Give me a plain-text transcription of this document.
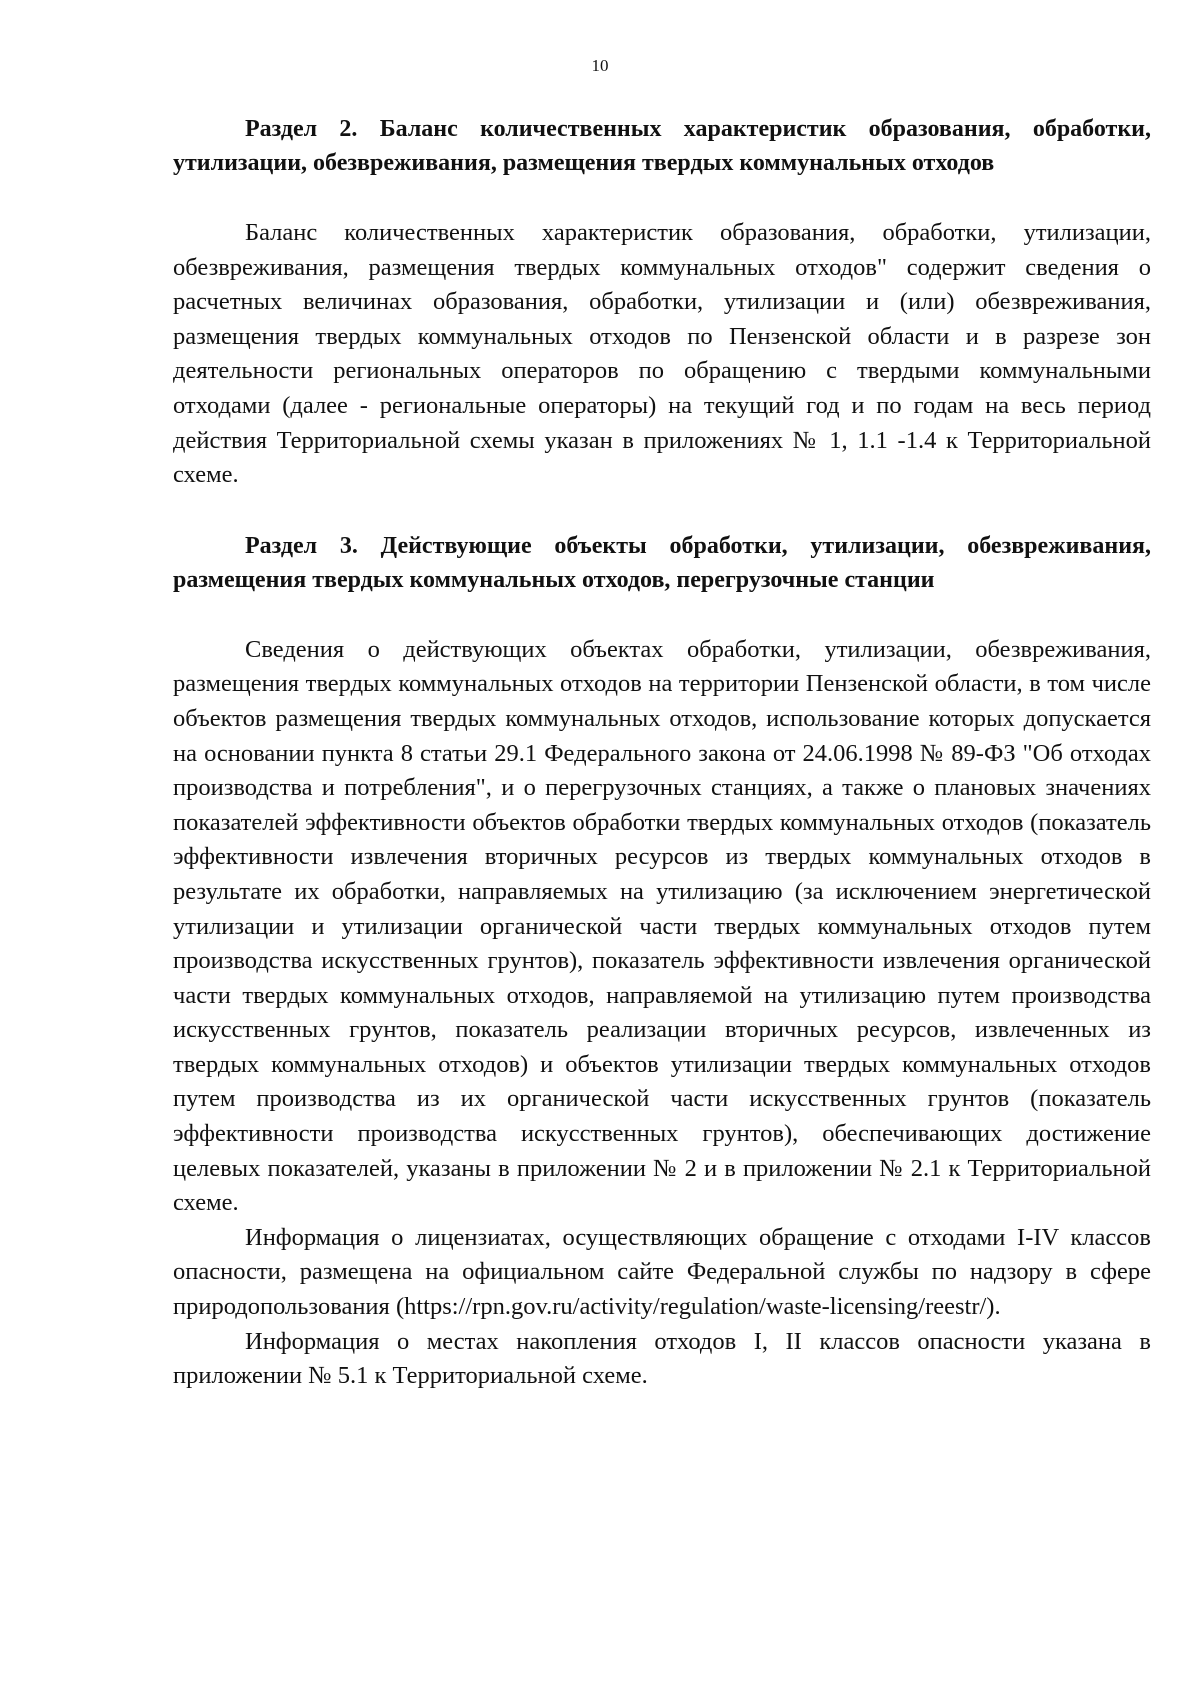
10

Раздел 2. Баланс количественных характеристик образования, обработки, утилизации, обезвреживания, размещения твердых коммунальных отходов

Баланс количественных характеристик образования, обработки, утилизации, обезвреживания, размещения твердых коммунальных отходов" содержит сведения о расчетных величинах образования, обработки, утилизации и (или) обезвреживания, размещения твердых коммунальных отходов по Пензенской области и в разрезе зон деятельности региональных операторов по обращению с твердыми коммунальными отходами (далее - региональные операторы) на текущий год и по годам на весь период действия Территориальной схемы указан в приложениях № 1, 1.1 -1.4 к Территориальной схеме.

Раздел 3. Действующие объекты обработки, утилизации, обезвреживания, размещения твердых коммунальных отходов, перегрузочные станции

Сведения о действующих объектах обработки, утилизации, обезвреживания, размещения твердых коммунальных отходов на территории Пензенской области, в том числе объектов размещения твердых коммунальных отходов, использование которых допускается на основании пункта 8 статьи 29.1 Федерального закона от 24.06.1998 № 89-ФЗ "Об отходах производства и потребления", и о перегрузочных станциях, а также о плановых значениях показателей эффективности объектов обработки твердых коммунальных отходов (показатель эффективности извлечения вторичных ресурсов из твердых коммунальных отходов в результате их обработки, направляемых на утилизацию (за исключением энергетической утилизации и утилизации органической части твердых коммунальных отходов путем производства искусственных грунтов), показатель эффективности извлечения органической части твердых коммунальных отходов, направляемой на утилизацию путем производства искусственных грунтов, показатель реализации вторичных ресурсов, извлеченных из твердых коммунальных отходов) и объектов утилизации твердых коммунальных отходов путем производства из их органической части искусственных грунтов (показатель эффективности производства искусственных грунтов), обеспечивающих достижение целевых показателей, указаны в приложении № 2 и в приложении № 2.1 к Территориальной схеме.

Информация о лицензиатах, осуществляющих обращение с отходами I-IV классов опасности, размещена на официальном сайте Федеральной службы по надзору в сфере природопользования (https://rpn.gov.ru/activity/regulation/waste-licensing/reestr/).

Информация о местах накопления отходов I, II классов опасности указана в приложении № 5.1 к Территориальной схеме.
